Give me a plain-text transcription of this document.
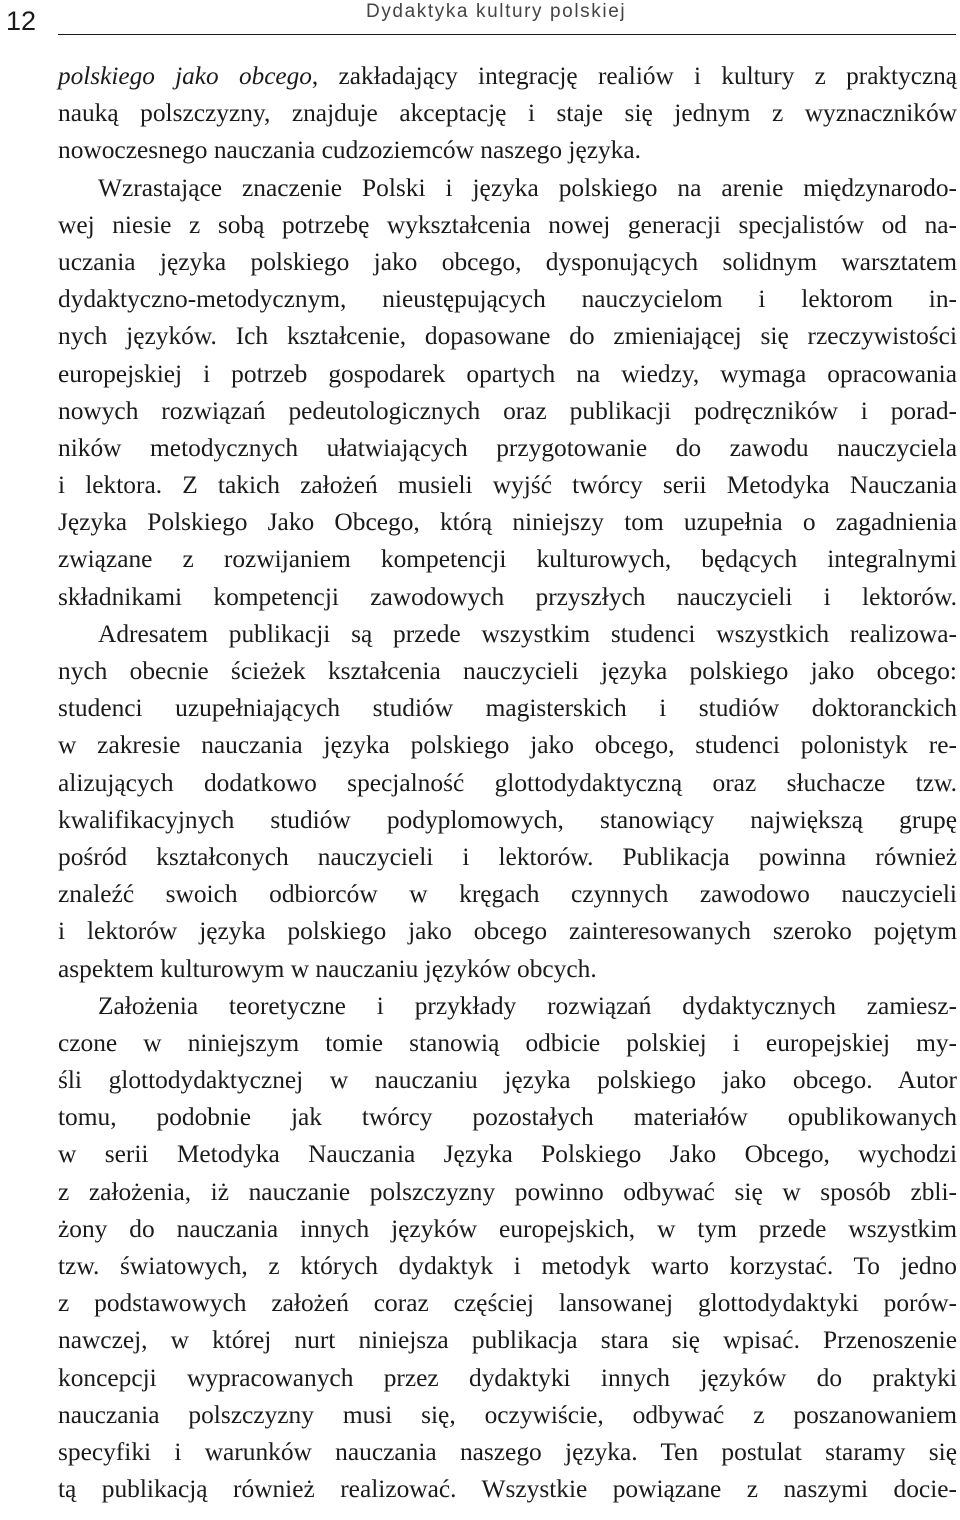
12	Dydaktyka kultury polskiej
polskiego jako obcego, zakładający integrację realiów i kultury z praktyczną
nauką polszczyzny, znajduje akceptację i staje się jednym z wyznaczników
nowoczesnego nauczania cudzoziemców naszego języka.
Wzrastające znaczenie Polski i języka polskiego na arenie międzynarodo-
wej niesie z sobą potrzebę wykształcenia nowej generacji specjalistów od na-
uczania języka polskiego jako obcego, dysponujących solidnym warsztatem
dydaktyczno-metodycznym, nieustępujących nauczycielom i lektorom in-
nych języków. Ich kształcenie, dopasowane do zmieniającej się rzeczywistości
europejskiej i potrzeb gospodarek opartych na wiedzy, wymaga opracowania
nowych rozwiązań pedeutologicznych oraz publikacji podręczników i porad-
ników metodycznych ułatwiających przygotowanie do zawodu nauczyciela
i lektora. Z takich założeń musieli wyjść twórcy serii Metodyka Nauczania
Języka Polskiego Jako Obcego, którą niniejszy tom uzupełnia o zagadnienia
związane z rozwijaniem kompetencji kulturowych, będących integralnymi
składnikami kompetencji zawodowych przyszłych nauczycieli i lektorów.
Adresatem publikacji są przede wszystkim studenci wszystkich realizowa-
nych obecnie ścieżek kształcenia nauczycieli języka polskiego jako obcego:
studenci uzupełniających studiów magisterskich i studiów doktoranckich
w zakresie nauczania języka polskiego jako obcego, studenci polonistyk re-
alizujących dodatkowo specjalność glottodydaktyczną oraz słuchacze tzw.
kwalifikacyjnych studiów podyplomowych, stanowiący największą grupę
pośród kształconych nauczycieli i lektorów. Publikacja powinna również
znaleźć swoich odbiorców w kręgach czynnych zawodowo nauczycieli
i lektorów języka polskiego jako obcego zainteresowanych szeroko pojętym
aspektem kulturowym w nauczaniu języków obcych.
Założenia teoretyczne i przykłady rozwiązań dydaktycznych zamiesz-
czone w niniejszym tomie stanowią odbicie polskiej i europejskiej my-
śli glottodydaktycznej w nauczaniu języka polskiego jako obcego. Autor
tomu, podobnie jak twórcy pozostałych materiałów opublikowanych
w serii Metodyka Nauczania Języka Polskiego Jako Obcego, wychodzi
z założenia, iż nauczanie polszczyzny powinno odbywać się w sposób zbli-
żony do nauczania innych języków europejskich, w tym przede wszystkim
tzw. światowych, z których dydaktyk i metodyk warto korzystać. To jedno
z podstawowych założeń coraz częściej lansowanej glottodydaktyki porów-
nawczej, w której nurt niniejsza publikacja stara się wpisać. Przenoszenie
koncepcji wypracowanych przez dydaktyki innych języków do praktyki
nauczania polszczyzny musi się, oczywiście, odbywać z poszanowaniem
specyfiki i warunków nauczania naszego języka. Ten postulat staramy się
tą publikacją również realizować. Wszystkie powiązane z naszymi docie-
